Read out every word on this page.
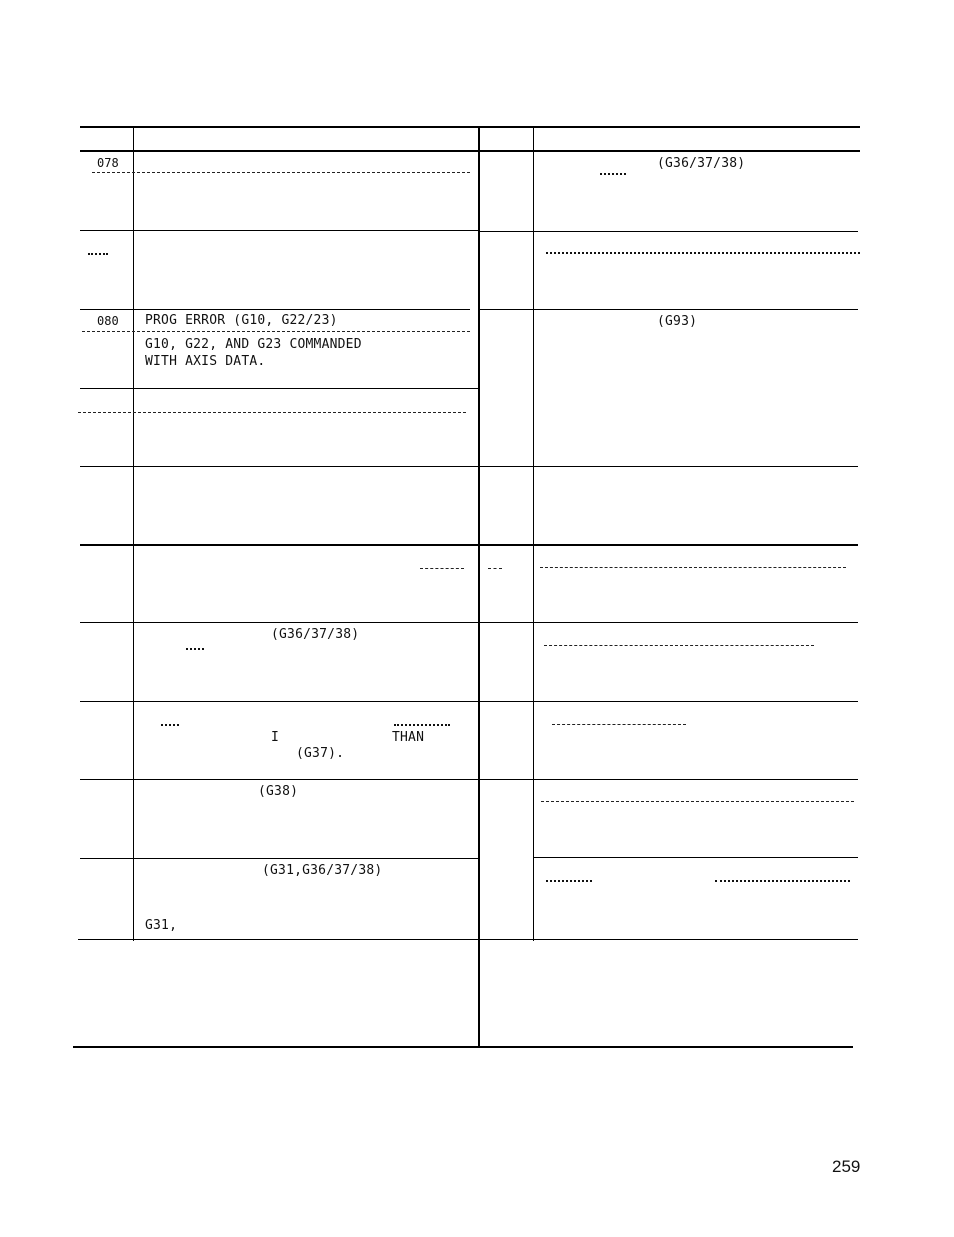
078	(G36/37/38)
080 PROG ERROR (G10, G22/23)
G10, G22, AND G23 COMMANDED
WITH AXIS DATA.
(G93)
(G36/37/38)
I	THAN
(G37).
(G38)
(G31,G36/37/38)
G31,
259
